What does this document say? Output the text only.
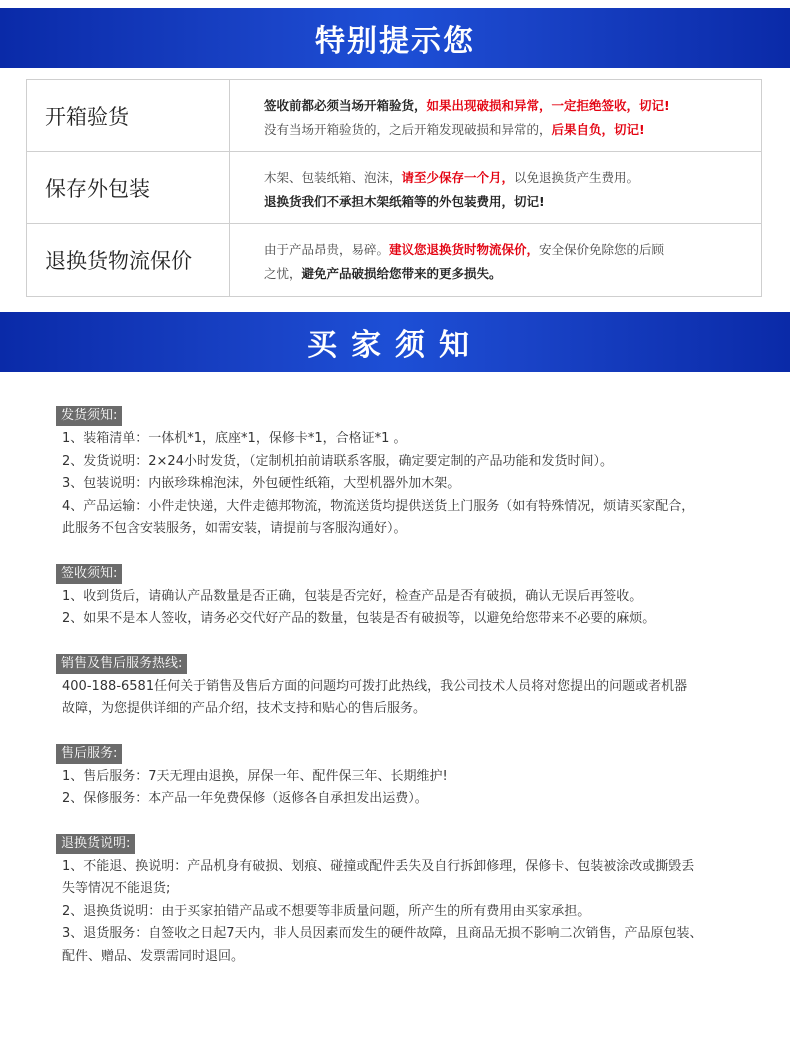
特别提示您
开箱验货	签收前都必须当场开箱验货，如果出现破损和异常，一定拒绝签收，切记!
没有当场开箱验货的，之后开箱发现破损和异常的，后果自负，切记!
保存外包装	木架、包装纸箱、泡沫，请至少保存一个月，以免退换货产生费用。
退换货我们不承担木架纸箱等的外包装费用，切记!
退换货物流保价	由于产品昂贵，易碎。建议您退换货时物流保价，安全保价免除您的后顾
之忧，避免产品破损给您带来的更多损失。
买家须知
发货须知:
1、装箱清单：一体机*1，底座*1，保修卡*1，合格证*1 。
2、发货说明：2×24小时发货，（定制机拍前请联系客服，确定要定制的产品功能和发货时间）。
3、包装说明：内嵌珍珠棉泡沫，外包硬性纸箱，大型机器外加木架。
4、产品运输：小件走快递，大件走德邦物流，物流送货均提供送货上门服务（如有特殊情况，烦请买家配合，
此服务不包含安装服务，如需安装，请提前与客服沟通好）。
签收须知:
1、收到货后，请确认产品数量是否正确，包装是否完好，检查产品是否有破损，确认无误后再签收。
2、如果不是本人签收，请务必交代好产品的数量，包装是否有破损等，以避免给您带来不必要的麻烦。
销售及售后服务热线:
400-188-6581任何关于销售及售后方面的问题均可拨打此热线，我公司技术人员将对您提出的问题或者机器
故障，为您提供详细的产品介绍，技术支持和贴心的售后服务。
售后服务:
1、售后服务：7天无理由退换，屏保一年、配件保三年、长期维护!
2、保修服务：本产品一年免费保修（返修各自承担发出运费）。
退换货说明:
1、不能退、换说明：产品机身有破损、划痕、碰撞或配件丢失及自行拆卸修理，保修卡、包装被涂改或撕毁丢
失等情况不能退货;
2、退换货说明：由于买家拍错产品或不想要等非质量问题，所产生的所有费用由买家承担。
3、退货服务：自签收之日起7天内，非人员因素而发生的硬件故障，且商品无损不影响二次销售，产品原包装、
配件、赠品、发票需同时退回。
